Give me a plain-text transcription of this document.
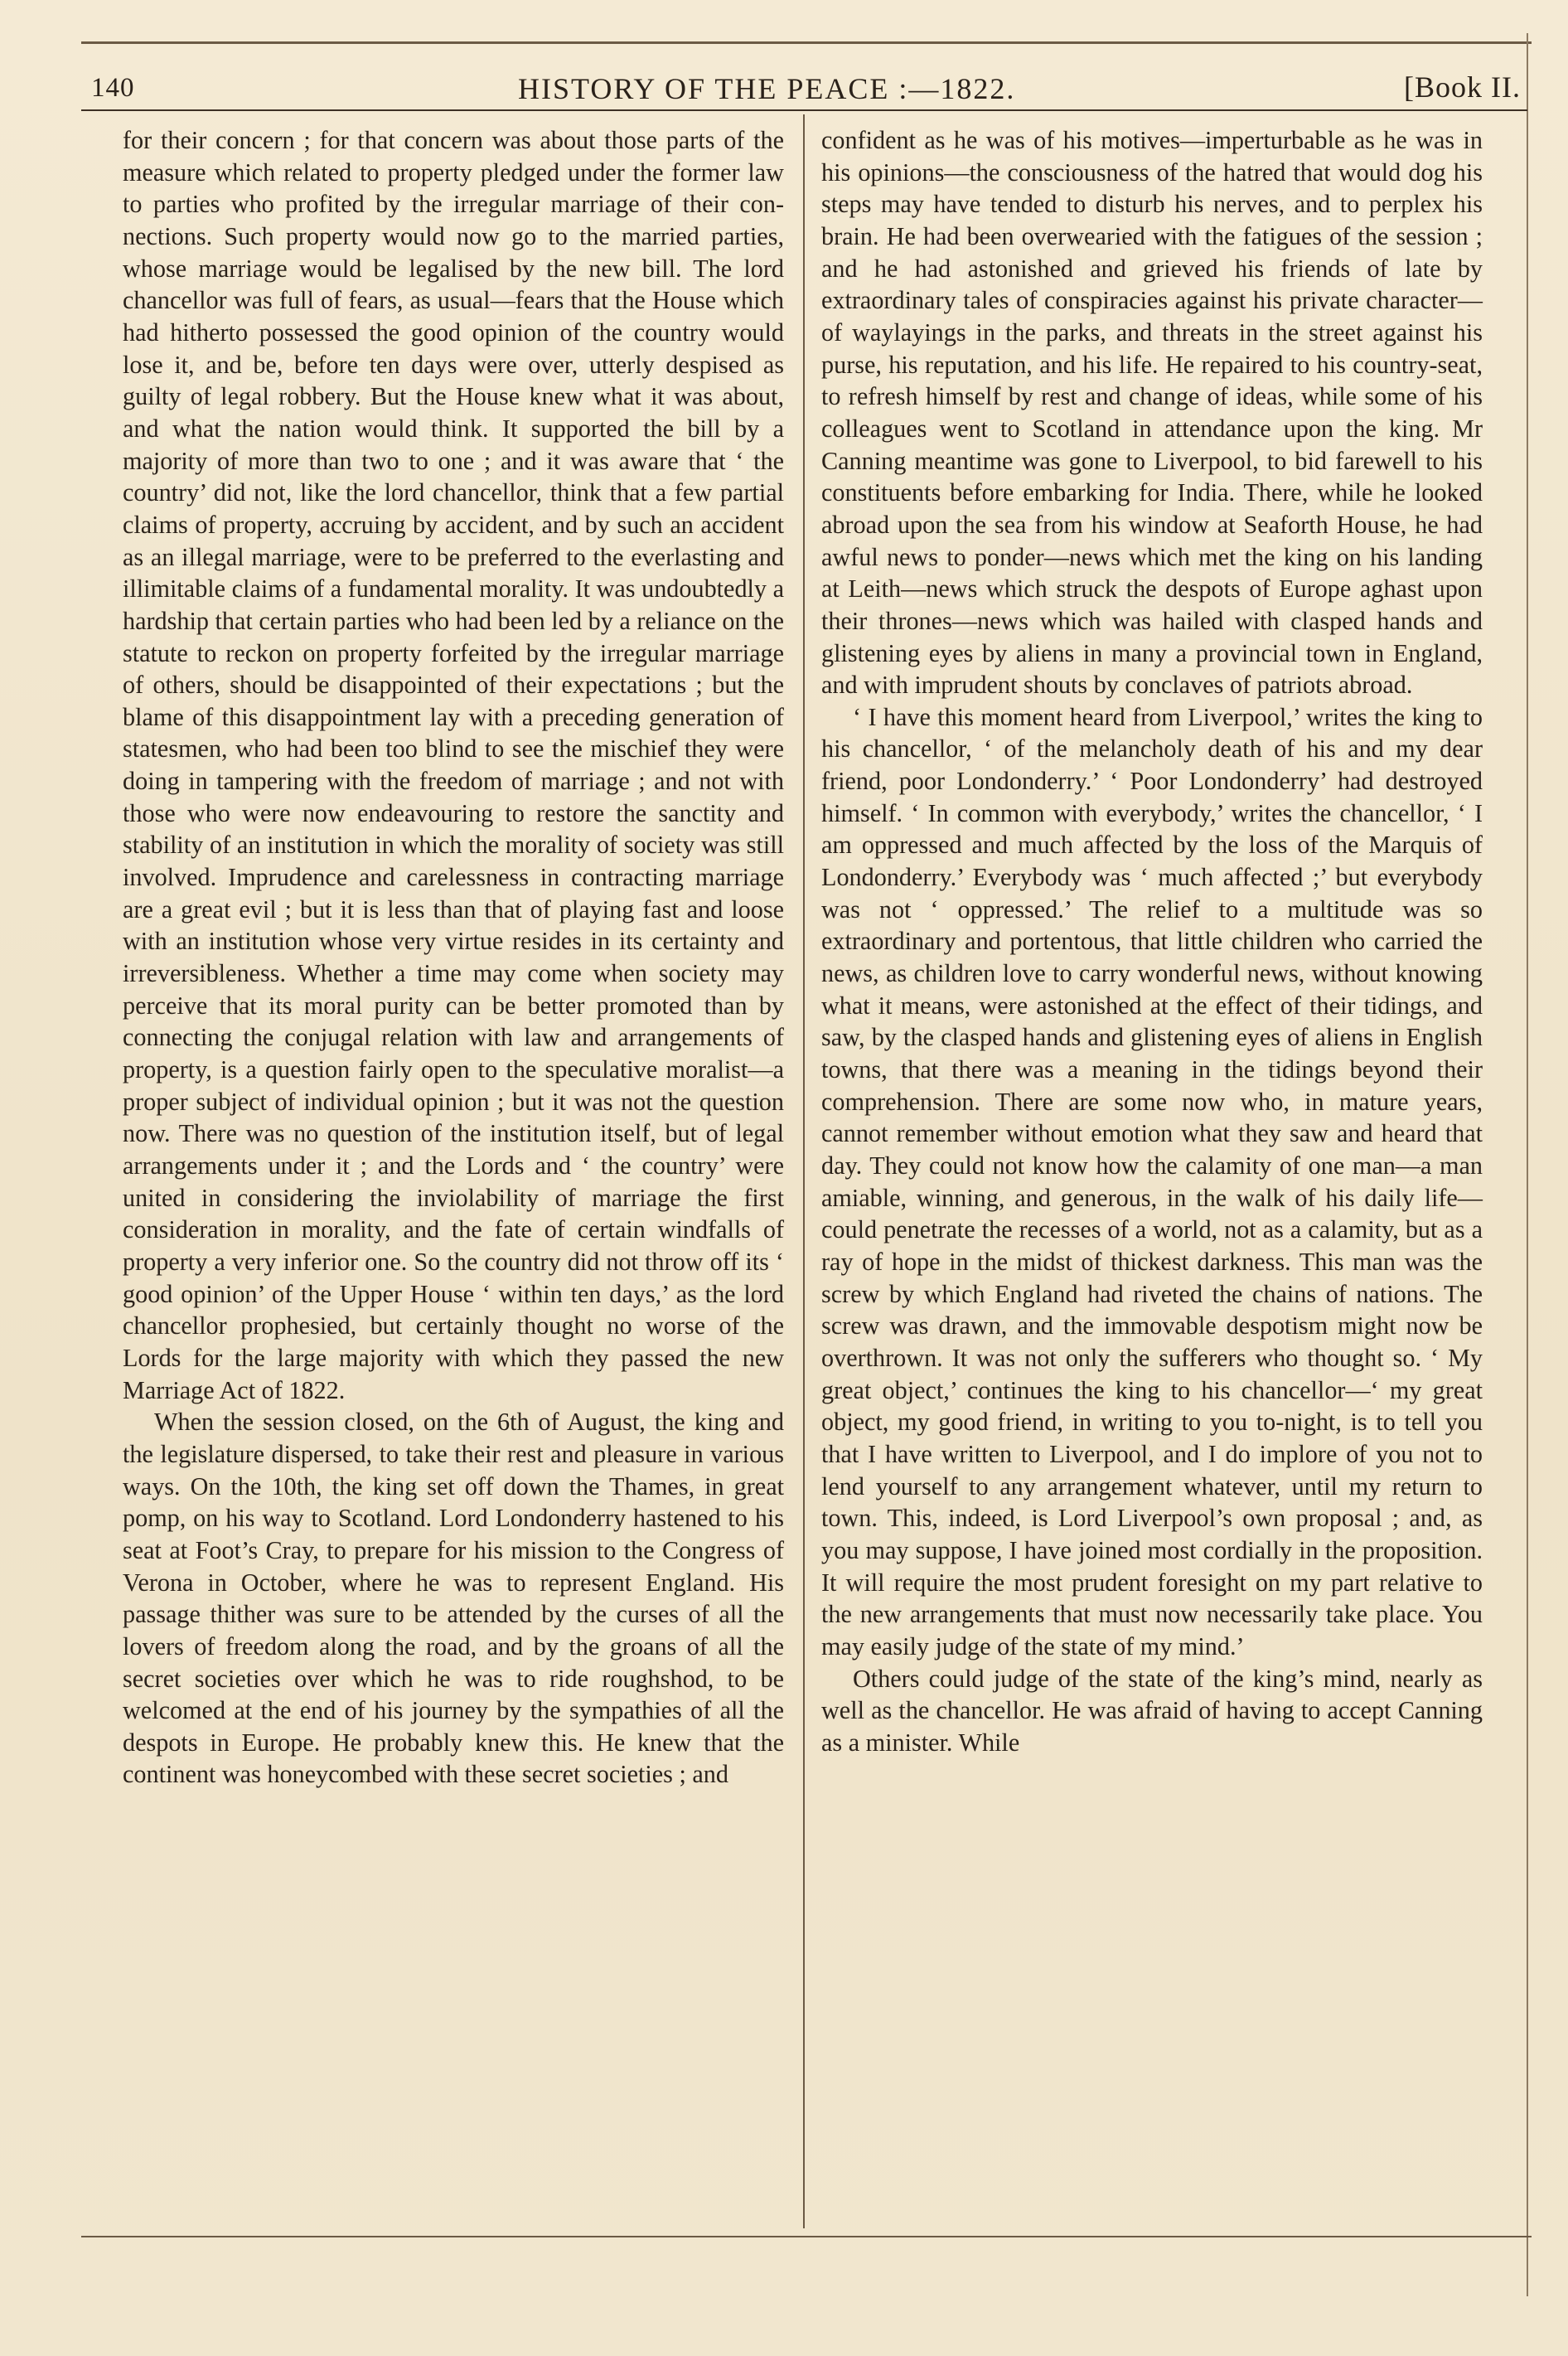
140	HISTORY OF THE PEACE :—1822.	[Book II.

for their concern ; for that concern was about those parts of the measure which related to property pledged under the former law to parties who profited by the irregular marriage of their connections. Such property would now go to the married parties, whose marriage would be legalised by the new bill. The lord chancellor was full of fears, as usual—fears that the House which had hitherto possessed the good opinion of the country would lose it, and be, before ten days were over, utterly despised as guilty of legal robbery. But the House knew what it was about, and what the nation would think. It supported the bill by a majority of more than two to one ; and it was aware that ‘ the country’ did not, like the lord chancellor, think that a few partial claims of property, accruing by accident, and by such an accident as an illegal marriage, were to be preferred to the everlasting and illimitable claims of a fundamental morality. It was undoubtedly a hardship that certain parties who had been led by a reliance on the statute to reckon on property forfeited by the irregular marriage of others, should be disappointed of their expectations ; but the blame of this disappointment lay with a preceding generation of statesmen, who had been too blind to see the mischief they were doing in tampering with the freedom of marriage ; and not with those who were now endeavouring to restore the sanctity and stability of an institution in which the morality of society was still involved. Imprudence and carelessness in contracting marriage are a great evil ; but it is less than that of playing fast and loose with an institution whose very virtue resides in its certainty and irreversibleness. Whether a time may come when society may perceive that its moral purity can be better promoted than by connecting the conjugal relation with law and arrangements of property, is a question fairly open to the speculative moralist—a proper subject of individual opinion ; but it was not the question now. There was no question of the institution itself, but of legal arrangements under it ; and the Lords and ‘ the country’ were united in considering the inviolability of marriage the first consideration in morality, and the fate of certain windfalls of property a very inferior one. So the country did not throw off its ‘ good opinion’ of the Upper House ‘ within ten days,’ as the lord chancellor prophesied, but certainly thought no worse of the Lords for the large majority with which they passed the new Marriage Act of 1822.

When the session closed, on the 6th of August, the king and the legislature dispersed, to take their rest and pleasure in various ways. On the 10th, the king set off down the Thames, in great pomp, on his way to Scotland. Lord Londonderry hastened to his seat at Foot’s Cray, to prepare for his mission to the Congress of Verona in October, where he was to represent England. His passage thither was sure to be attended by the curses of all the lovers of freedom along the road, and by the groans of all the secret societies over which he was to ride roughshod, to be welcomed at the end of his journey by the sympathies of all the despots in Europe. He probably knew this. He knew that the continent was honeycombed with these secret societies ; and

confident as he was of his motives—imperturbable as he was in his opinions—the consciousness of the hatred that would dog his steps may have tended to disturb his nerves, and to perplex his brain. He had been overwearied with the fatigues of the session ; and he had astonished and grieved his friends of late by extraordinary tales of conspiracies against his private character—of waylayings in the parks, and threats in the street against his purse, his reputation, and his life. He repaired to his country-seat, to refresh himself by rest and change of ideas, while some of his colleagues went to Scotland in attendance upon the king. Mr Canning meantime was gone to Liverpool, to bid farewell to his constituents before embarking for India. There, while he looked abroad upon the sea from his window at Seaforth House, he had awful news to ponder—news which met the king on his landing at Leith—news which struck the despots of Europe aghast upon their thrones—news which was hailed with clasped hands and glistening eyes by aliens in many a provincial town in England, and with imprudent shouts by conclaves of patriots abroad.

‘ I have this moment heard from Liverpool,’ writes the king to his chancellor, ‘ of the melancholy death of his and my dear friend, poor Londonderry.’ ‘ Poor Londonderry’ had destroyed himself. ‘ In common with everybody,’ writes the chancellor, ‘ I am oppressed and much affected by the loss of the Marquis of Londonderry.’ Everybody was ‘ much affected ;’ but everybody was not ‘ oppressed.’ The relief to a multitude was so extraordinary and portentous, that little children who carried the news, as children love to carry wonderful news, without knowing what it means, were astonished at the effect of their tidings, and saw, by the clasped hands and glistening eyes of aliens in English towns, that there was a meaning in the tidings beyond their comprehension. There are some now who, in mature years, cannot remember without emotion what they saw and heard that day. They could not know how the calamity of one man—a man amiable, winning, and generous, in the walk of his daily life—could penetrate the recesses of a world, not as a calamity, but as a ray of hope in the midst of thickest darkness. This man was the screw by which England had riveted the chains of nations. The screw was drawn, and the immovable despotism might now be overthrown. It was not only the sufferers who thought so. ‘ My great object,’ continues the king to his chancellor—‘ my great object, my good friend, in writing to you to-night, is to tell you that I have written to Liverpool, and I do implore of you not to lend yourself to any arrangement whatever, until my return to town. This, indeed, is Lord Liverpool’s own proposal ; and, as you may suppose, I have joined most cordially in the proposition. It will require the most prudent foresight on my part relative to the new arrangements that must now necessarily take place. You may easily judge of the state of my mind.’

Others could judge of the state of the king’s mind, nearly as well as the chancellor. He was afraid of having to accept Canning as a minister. While
